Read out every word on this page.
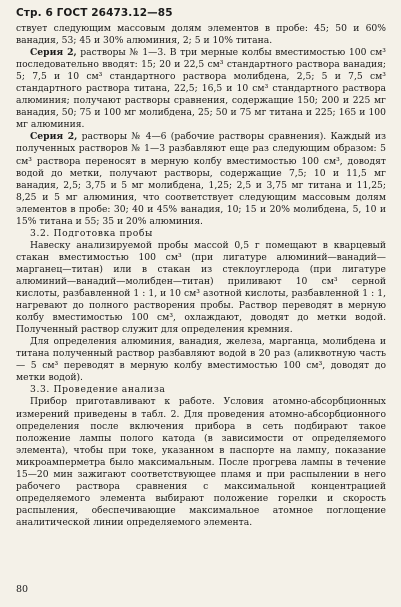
Стр. 6 ГОСТ 26473.12—85

ствует следующим массовым долям элементов в пробе: 45; 50 и 60% ванадия, 53; 45 и 30% алюминия, 2; 5 и 10% титана.

Серия 2, растворы № 1—3. В три мерные колбы вместимостью 100 см³ последовательно вводят: 15; 20 и 22,5 см³ стандартного раствора ванадия; 5; 7,5 и 10 см³ стандартного раствора молибдена, 2,5; 5 и 7,5 см³ стандартного раствора титана, 22,5; 16,5 и 10 см³ стандартного раствора алюминия; получают растворы сравнения, содержащие 150; 200 и 225 мг ванадия, 50; 75 и 100 мг молибдена, 25; 50 и 75 мг титана и 225; 165 и 100 мг алюминия.

Серия 2, растворы № 4—6 (рабочие растворы сравнения). Каждый из полученных растворов № 1—3 разбавляют еще раз следующим образом: 5 см³ раствора переносят в мерную колбу вместимостью 100 см³, доводят водой до метки, получают растворы, содержащие 7,5; 10 и 11,5 мг ванадия, 2,5; 3,75 и 5 мг молибдена, 1,25; 2,5 и 3,75 мг титана и 11,25; 8,25 и 5 мг алюминия, что соответствует следующим массовым долям элементов в пробе: 30; 40 и 45% ванадия, 10; 15 и 20% молибдена, 5, 10 и 15% титана и 55; 35 и 20% алюминия.

3.2. Подготовка пробы

Навеску анализируемой пробы массой 0,5 г помещают в кварцевый стакан вместимостью 100 см³ (при лигатуре алюминий—ванадий—марганец—титан) или в стакан из стеклоуглерода (при лигатуре алюминий—ванадий—молибден—титан) приливают 10 см³ серной кислоты, разбавленной 1 : 1, и 10 см³ азотной кислоты, разбавленной 1 : 1, нагревают до полного растворения пробы. Раствор переводят в мерную колбу вместимостью 100 см³, охлаждают, доводят до метки водой. Полученный раствор служит для определения кремния.

Для определения алюминия, ванадия, железа, марганца, молибдена и титана полученный раствор разбавляют водой в 20 раз (аликвотную часть — 5 см³ переводят в мерную колбу вместимостью 100 см³, доводят до метки водой).

3.3. Проведение анализа

Прибор приготавливают к работе. Условия атомно-абсорбционных измерений приведены в табл. 2. Для проведения атомно-абсорбционного определения после включения прибора в сеть подбирают такое положение лампы полого катода (в зависимости от определяемого элемента), чтобы при токе, указанном в паспорте на лампу, показание микроамперметра было максимальным. После прогрева лампы в течение 15—20 мин зажигают соответствующее пламя и при распылении в него рабочего раствора сравнения с максимальной концентрацией определяемого элемента выбирают положение горелки и скорость распыления, обеспечивающие максимальное атомное поглощение аналитической линии определяемого элемента.

80
